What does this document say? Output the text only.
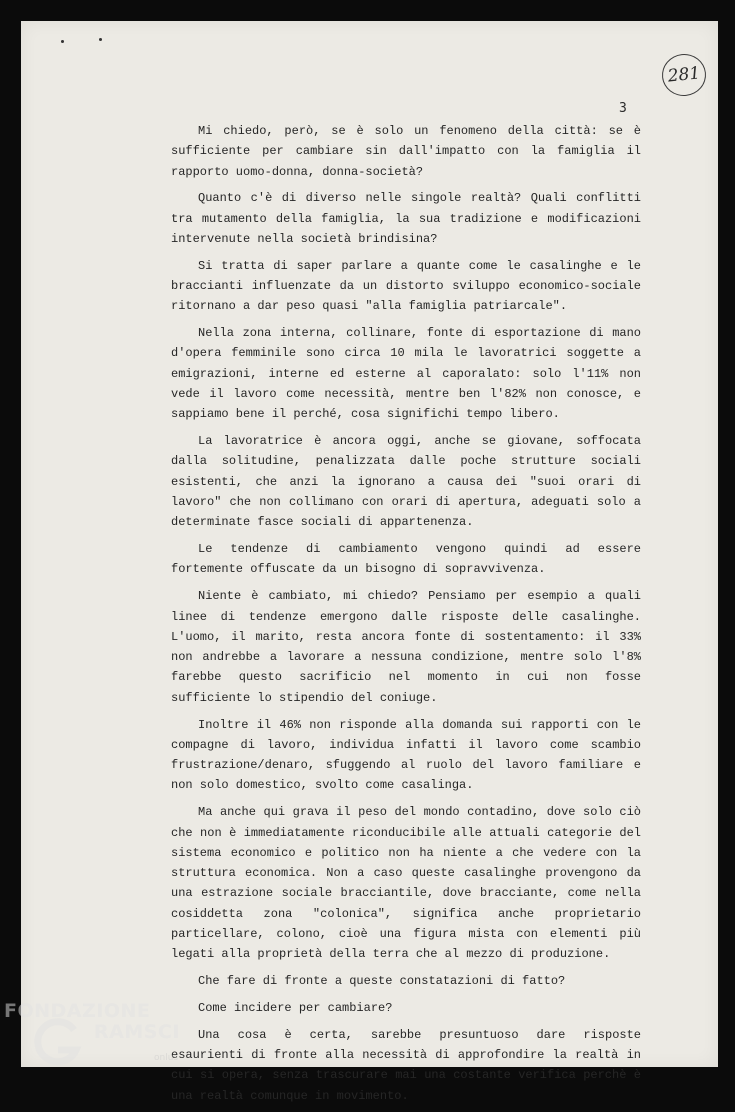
281
3

Mi chiedo, però, se è solo un fenomeno della città: se è sufficiente per cambiare sin dall'impatto con la famiglia il rapporto uomo-donna, donna-società?

Quanto c'è di diverso nelle singole realtà? Quali conflitti tra mutamento della famiglia, la sua tradizione e modificazioni intervenute nella società brindisina?

Si tratta di saper parlare a quante come le casalinghe e le braccianti influenzate da un distorto sviluppo economico-sociale ritornano a dar peso quasi "alla famiglia patriarcale".

Nella zona interna, collinare, fonte di esportazione di mano d'opera femminile sono circa 10 mila le lavoratrici soggette a emigrazioni, interne ed esterne al caporalato: solo l'11% non vede il lavoro come necessità, mentre ben l'82% non conosce, e sappiamo bene il perché, cosa significhi tempo libero.

La lavoratrice è ancora oggi, anche se giovane, soffocata dalla solitudine, penalizzata dalle poche strutture sociali esistenti, che anzi la ignorano a causa dei "suoi orari di lavoro" che non collimano con orari di apertura, adeguati solo a determinate fasce sociali di appartenenza.

Le tendenze di cambiamento vengono quindi ad essere fortemente offuscate da un bisogno di sopravvivenza.

Niente è cambiato, mi chiedo? Pensiamo per esempio a quali linee di tendenze emergono dalle risposte delle casalinghe. L'uomo, il marito, resta ancora fonte di sostentamento: il 33% non andrebbe a lavorare a nessuna condizione, mentre solo l'8% farebbe questo sacrificio nel momento in cui non fosse sufficiente lo stipendio del coniuge.

Inoltre il 46% non risponde alla domanda sui rapporti con le compagne di lavoro, individua infatti il lavoro come scambio frustrazione/denaro, sfuggendo al ruolo del lavoro familiare e non solo domestico, svolto come casalinga.

Ma anche qui grava il peso del mondo contadino, dove solo ciò che non è immediatamente riconducibile alle attuali categorie del sistema economico e politico non ha niente a che vedere con la struttura economica. Non a caso queste casalinghe provengono da una estrazione sociale bracciantile, dove bracciante, come nella cosiddetta zona "colonica", significa anche proprietario particellare, colono, cioè una figura mista con elementi più legati alla proprietà della terra che al mezzo di produzione.

Che fare di fronte a queste constatazioni di fatto?

Come incidere per cambiare?

Una cosa è certa, sarebbe presuntuoso dare risposte esaurienti di fronte alla necessità di approfondire la realtà in cui si opera, senza trascurare mai una costante verifica perchè è una realtà comunque in movimento.

FONDAZIONE
RAMSCI
onlus
